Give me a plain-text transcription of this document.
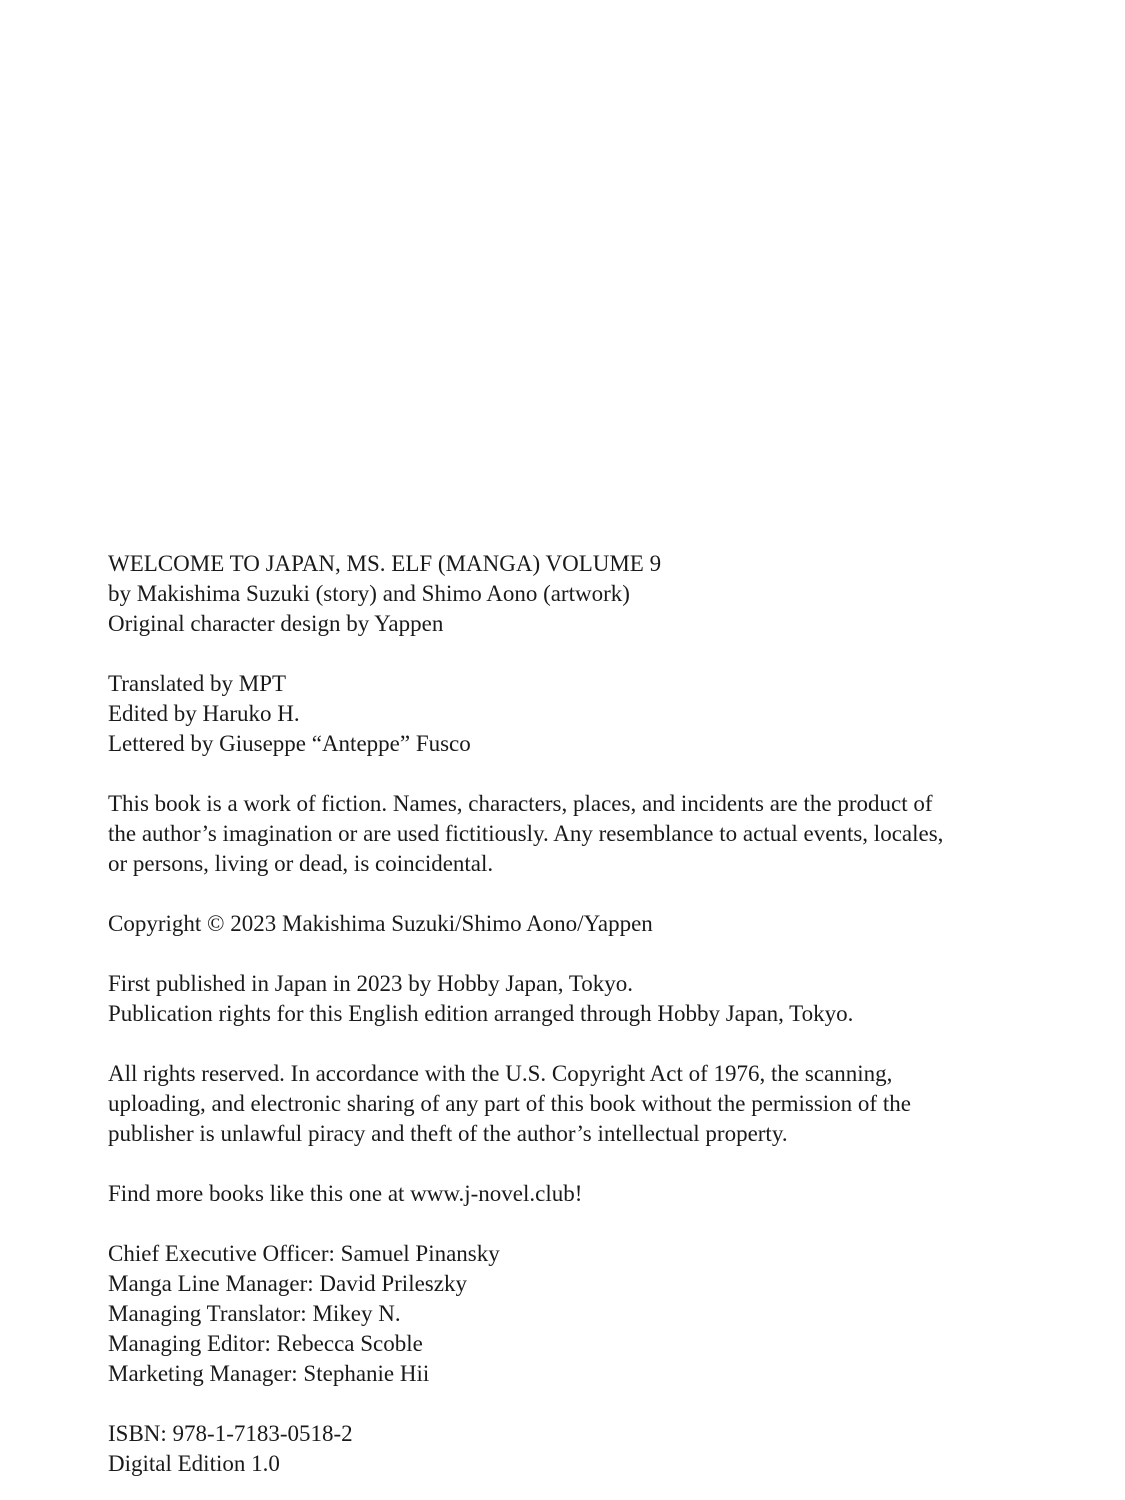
WELCOME TO JAPAN, MS. ELF (MANGA) VOLUME 9
by Makishima Suzuki (story) and Shimo Aono (artwork)
Original character design by Yappen
Translated by MPT
Edited by Haruko H.
Lettered by Giuseppe “Anteppe” Fusco
This book is a work of fiction. Names, characters, places, and incidents are the product of
the author’s imagination or are used fictitiously. Any resemblance to actual events, locales,
or persons, living or dead, is coincidental.
Copyright © 2023 Makishima Suzuki/Shimo Aono/Yappen
First published in Japan in 2023 by Hobby Japan, Tokyo.
Publication rights for this English edition arranged through Hobby Japan, Tokyo.
All rights reserved. In accordance with the U.S. Copyright Act of 1976, the scanning,
uploading, and electronic sharing of any part of this book without the permission of the
publisher is unlawful piracy and theft of the author’s intellectual property.
Find more books like this one at www.j-novel.club!
Chief Executive Officer: Samuel Pinansky
Manga Line Manager: David Prileszky
Managing Translator: Mikey N.
Managing Editor: Rebecca Scoble
Marketing Manager: Stephanie Hii
ISBN: 978-1-7183-0518-2
Digital Edition 1.0
